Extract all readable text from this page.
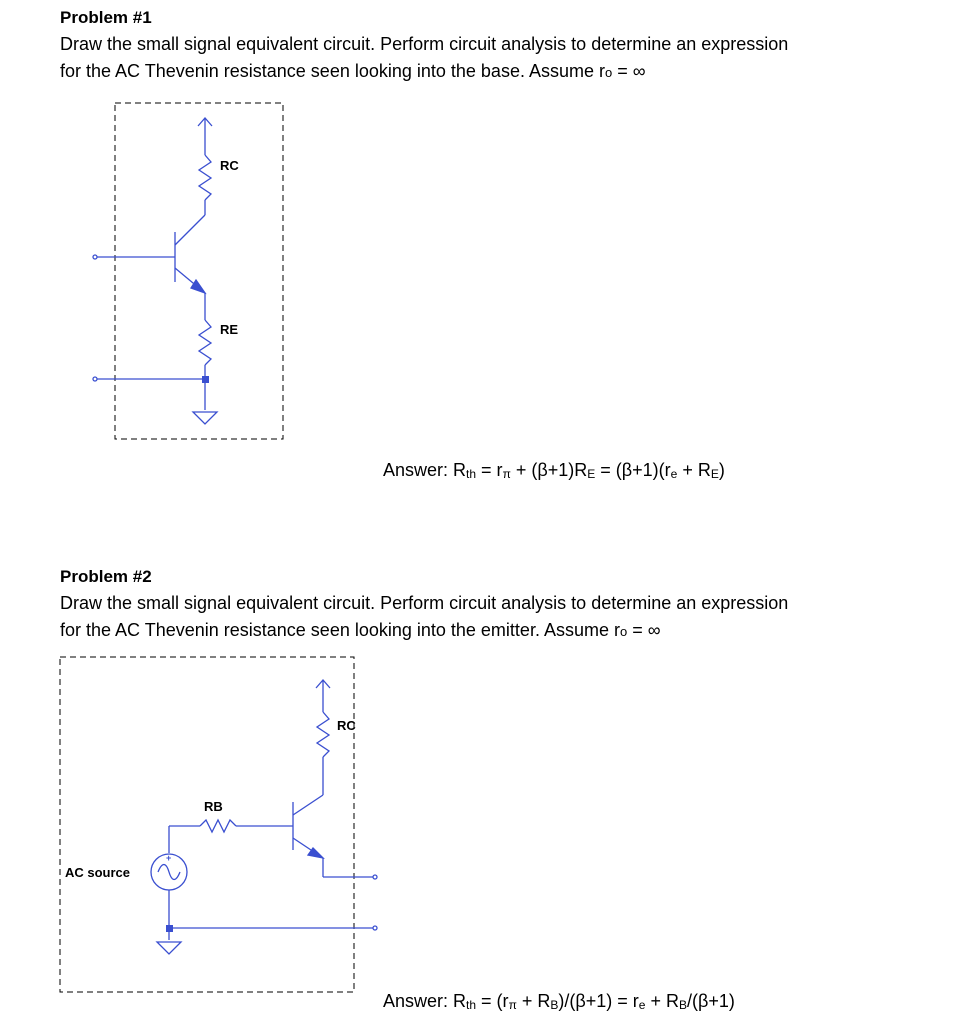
Problem #1
Draw the small signal equivalent circuit. Perform circuit analysis to determine an expression
for the AC Thevenin resistance seen looking into the base. Assume ro = ∞
RC
RE
Answer: Rth = rπ + (β+1)RE = (β+1)(re + RE)
Problem #2
Draw the small signal equivalent circuit. Perform circuit analysis to determine an expression
for the AC Thevenin resistance seen looking into the emitter. Assume ro = ∞
+
RC
RB
AC source
Answer: Rth = (rπ + RB)/(β+1) = re + RB/(β+1)
